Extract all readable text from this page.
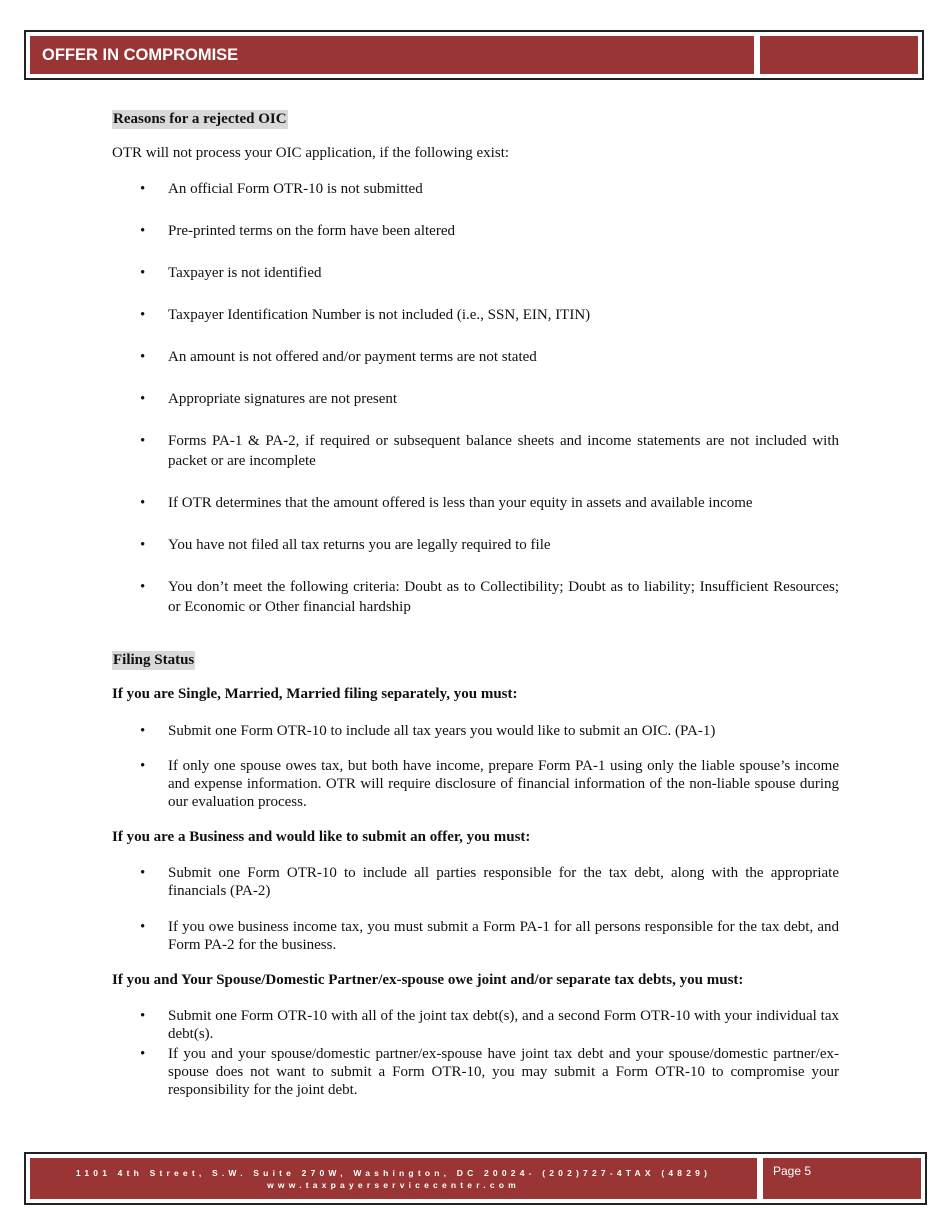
OFFER IN COMPROMISE
Reasons for a rejected OIC

OTR will not process your OIC application, if the following exist:

• An official Form OTR-10 is not submitted
• Pre-printed terms on the form have been altered
• Taxpayer is not identified
• Taxpayer Identification Number is not included (i.e., SSN, EIN, ITIN)
• An amount is not offered and/or payment terms are not stated
• Appropriate signatures are not present
• Forms PA-1 & PA-2, if required or subsequent balance sheets and income statements are not included with packet or are incomplete
• If OTR determines that the amount offered is less than your equity in assets and available income
• You have not filed all tax returns you are legally required to file
• You don’t meet the following criteria: Doubt as to Collectibility; Doubt as to liability; Insufficient Resources; or Economic or Other financial hardship
Filing Status
If you are Single, Married, Married filing separately, you must:
• Submit one Form OTR-10 to include all tax years you would like to submit an OIC. (PA-1)
• If only one spouse owes tax, but both have income, prepare Form PA-1 using only the liable spouse’s income and expense information. OTR will require disclosure of financial information of the non-liable spouse during our evaluation process.
If you are a Business and would like to submit an offer, you must:
• Submit one Form OTR-10 to include all parties responsible for the tax debt, along with the appropriate financials (PA-2)
• If you owe business income tax, you must submit a Form PA-1 for all persons responsible for the tax debt, and Form PA-2 for the business.
If you and Your Spouse/Domestic Partner/ex-spouse owe joint and/or separate tax debts, you must:
• Submit one Form OTR-10 with all of the joint tax debt(s), and a second Form OTR-10 with your individual tax debt(s).
• If you and your spouse/domestic partner/ex-spouse have joint tax debt and your spouse/domestic partner/ex-spouse does not want to submit a Form OTR-10, you may submit a Form OTR-10 to compromise your responsibility for the joint debt.
1101 4th Street, S.W. Suite 270W, Washington, DC 20024- (202)727-4TAX (4829)
www.taxpayerservicecenter.com
Page 5
